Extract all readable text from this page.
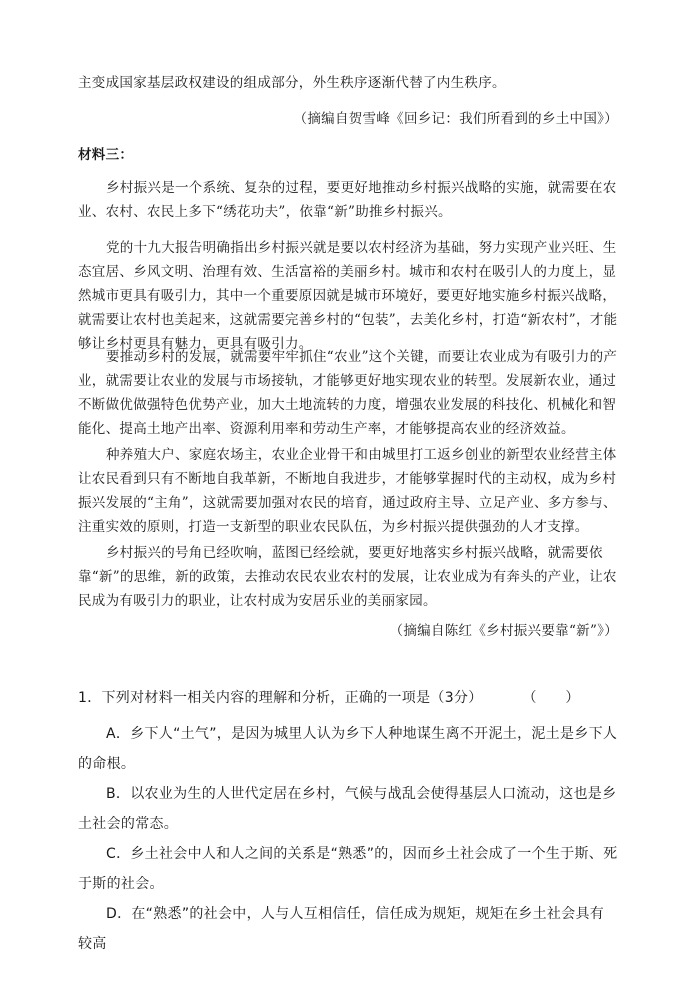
主变成国家基层政权建设的组成部分，外生秩序逐渐代替了内生秩序。

（摘编自贺雪峰《回乡记：我们所看到的乡土中国》）

材料三：

乡村振兴是一个系统、复杂的过程，要更好地推动乡村振兴战略的实施，就需要在农业、农村、农民上多下“绣花功夫”，依靠“新”助推乡村振兴。

党的十九大报告明确指出乡村振兴就是要以农村经济为基础，努力实现产业兴旺、生态宜居、乡风文明、治理有效、生活富裕的美丽乡村。城市和农村在吸引人的力度上，显然城市更具有吸引力，其中一个重要原因就是城市环境好，要更好地实施乡村振兴战略，就需要让农村也美起来，这就需要完善乡村的“包装”，去美化乡村，打造“新农村”，才能够让乡村更具有魅力，更具有吸引力。

要推动乡村的发展，就需要牢牢抓住“农业”这个关键，而要让农业成为有吸引力的产业，就需要让农业的发展与市场接轨，才能够更好地实现农业的转型。发展新农业，通过不断做优做强特色优势产业，加大土地流转的力度，增强农业发展的科技化、机械化和智能化、提高土地产出率、资源利用率和劳动生产率，才能够提高农业的经济效益。

种养殖大户、家庭农场主，农业企业骨干和由城里打工返乡创业的新型农业经营主体让农民看到只有不断地自我革新，不断地自我进步，才能够掌握时代的主动权，成为乡村振兴发展的“主角”，这就需要加强对农民的培育，通过政府主导、立足产业、多方参与、注重实效的原则，打造一支新型的职业农民队伍，为乡村振兴提供强劲的人才支撑。

乡村振兴的号角已经吹响，蓝图已经绘就，要更好地落实乡村振兴战略，就需要依靠“新”的思维，新的政策，去推动农民农业农村的发展，让农业成为有奔头的产业，让农民成为有吸引力的职业，让农村成为安居乐业的美丽家园。

（摘编自陈红《乡村振兴要靠“新”》）

1．下列对材料一相关内容的理解和分析，正确的一项是（3分）	（　　）

A．乡下人“土气”，是因为城里人认为乡下人种地谋生离不开泥土，泥土是乡下人的命根。

B．以农业为生的人世代定居在乡村，气候与战乱会使得基层人口流动，这也是乡土社会的常态。

C．乡土社会中人和人之间的关系是“熟悉”的，因而乡土社会成了一个生于斯、死于斯的社会。

D．在“熟悉”的社会中，人与人互相信任，信任成为规矩，规矩在乡土社会具有较高
